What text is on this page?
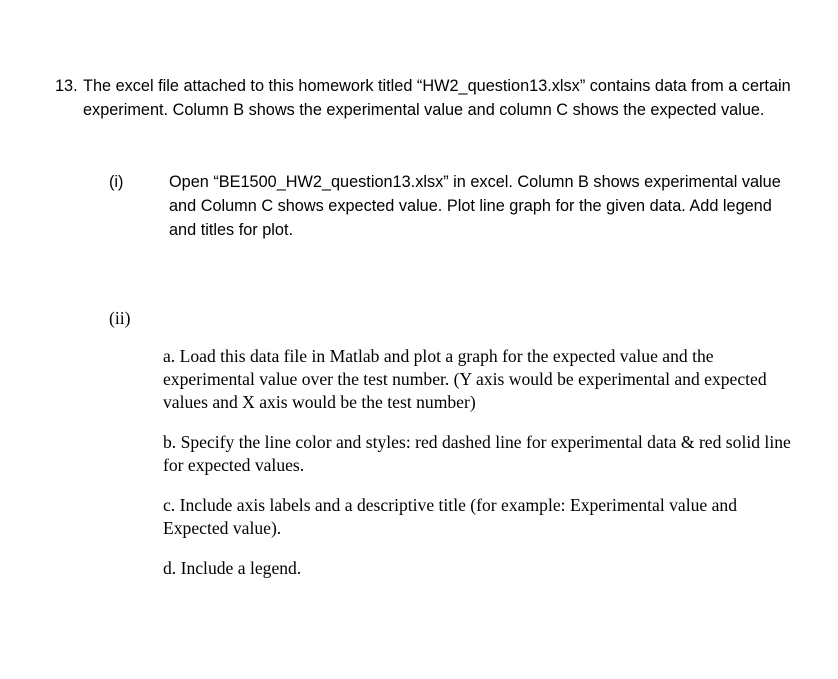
13. The excel file attached to this homework titled “HW2_question13.xlsx” contains data from a certain experiment. Column B shows the experimental value and column C shows the expected value.
(i)	Open “BE1500_HW2_question13.xlsx” in excel. Column B shows experimental value and Column C shows expected value. Plot line graph for the given data. Add legend and titles for plot.
(ii)
a. Load this data file in Matlab and plot a graph for the expected value and the experimental value over the test number. (Y axis would be experimental and expected values and X axis would be the test number)
b. Specify the line color and styles: red dashed line for experimental data & red solid line for expected values.
c. Include axis labels and a descriptive title (for example: Experimental value and Expected value).
d. Include a legend.
